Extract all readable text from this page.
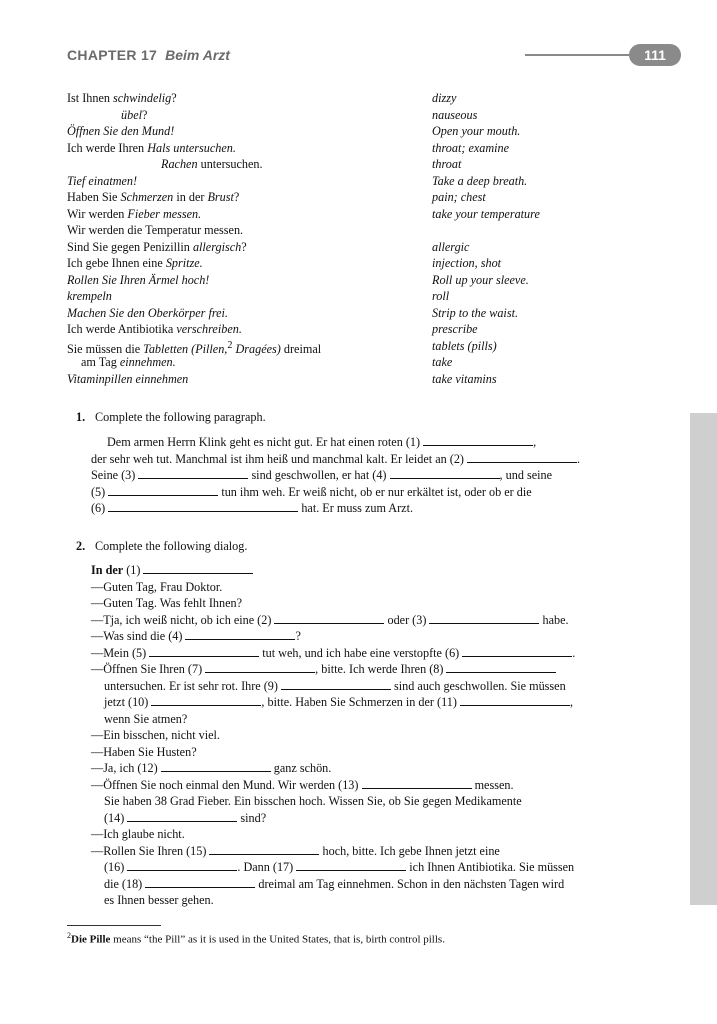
CHAPTER 17 Beim Arzt	111
Ist Ihnen schwindelig?	dizzy
übel?	nauseous
Öffnen Sie den Mund!	Open your mouth.
Ich werde Ihren Hals untersuchen.	throat; examine
Rachen untersuchen.	throat
Tief einatmen!	Take a deep breath.
Haben Sie Schmerzen in der Brust?	pain; chest
Wir werden Fieber messen.	take your temperature
Wir werden die Temperatur messen.
Sind Sie gegen Penizillin allergisch?	allergic
Ich gebe Ihnen eine Spritze.	injection, shot
Rollen Sie Ihren Ärmel hoch!	Roll up your sleeve.
krempeln	roll
Machen Sie den Oberkörper frei.	Strip to the waist.
Ich werde Antibiotika verschreiben.	prescribe
Sie müssen die Tabletten (Pillen,$^2$ Dragées) dreimal	tablets (pills)
am Tag einnehmen.	take
Vitaminpillen einnehmen	take vitamins
1. Complete the following paragraph.
Dem armen Herrn Klink geht es nicht gut. Er hat einen roten (1)	,
der sehr weh tut. Manchmal ist ihm heiß und manchmal kalt. Er leidet an (2)	.
Seine (3)	sind geschwollen, er hat (4)	, und seine
(5)	tun ihm weh. Er weiß nicht, ob er nur erkältet ist, oder ob er die
(6)	hat. Er muss zum Arzt.
2. Complete the following dialog.
In der (1)
—Guten Tag, Frau Doktor.
—Guten Tag. Was fehlt Ihnen?
—Tja, ich weiß nicht, ob ich eine (2)	oder (3)	habe.
—Was sind die (4)	?
—Mein (5)	tut weh, und ich habe eine verstopfte (6)	.
—Öffnen Sie Ihren (7)	, bitte. Ich werde Ihren (8)
untersuchen. Er ist sehr rot. Ihre (9)	sind auch geschwollen. Sie müssen
jetzt (10)	, bitte. Haben Sie Schmerzen in der (11)	,
wenn Sie atmen?
—Ein bisschen, nicht viel.
—Haben Sie Husten?
—Ja, ich (12)	ganz schön.
—Öffnen Sie noch einmal den Mund. Wir werden (13)	messen.
Sie haben 38 Grad Fieber. Ein bisschen hoch. Wissen Sie, ob Sie gegen Medikamente
(14)	sind?
—Ich glaube nicht.
—Rollen Sie Ihren (15)	hoch, bitte. Ich gebe Ihnen jetzt eine
(16)	. Dann (17)	ich Ihnen Antibiotika. Sie müssen
die (18)	dreimal am Tag einnehmen. Schon in den nächsten Tagen wird
es Ihnen besser gehen.
$^2$Die Pille means “the Pill” as it is used in the United States, that is, birth control pills.
